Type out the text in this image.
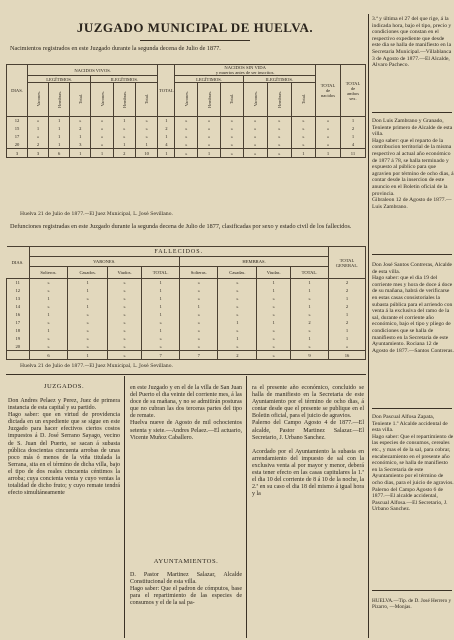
JUZGADO MUNICIPAL DE HUELVA.
Nacimientos registrados en este Juzgado durante la segunda decena de Julio de 1877.
DIAS.	NACIDOS VIVOS.						TOTAL	NACIDOS SIN VIDA
y muertos antes de ser inscritos.						TOTAL
de
nacidos	TOTAL
de
ambos
sex.
	LEGÍTIMOS.			ILEGÍTIMOS.				LEGÍTIMOS.			ILEGÍTIMOS.				
	Varones.	Hembras.	Total.	Varones.	Hembras.	Total.		Varones.	Hembras.	Total.	Varones.	Hembras.	Total.		
12	»	1	»	»	1	»	1	»	»	»	»	»	»	»	1
15	1	1	2	»	»	»	2	»	»	»	»	»	»	»	2
17	»	1	1	»	»	»	1	»	»	»	»	»	»	»	1
20	2	1	3	»	1	1	4	»	»	»	»	»	»	»	4
3	3	6	1	1	2	10	1	»	1	»	»	»	1	1	11
Huelva 21 de Julio de 1877.—El Juez Municipal, L. José Sevillano.
Defunciones registradas en este Juzgado durante la segunda decena de Julio de 1877, clasificadas por sexo y estado civil de los fallecidos.
DIAS.	FALLECIDOS.								TOTAL
GENERAL.
	VARONES.				HEMBRAS.				
	Solteros.	Casados.	Viudos.	TOTAL.	Solteras.	Casadas.	Viudas.	TOTAL.	
11	»	1	»	1	»	»	1	1	2
12	»	1	»	1	»	»	1	1	2
13	1	»	»	1	»	»	»	»	1
14	»	1	»	1	1	»	»	1	2
16	1	»	»	1	»	»	»	»	1
17	»	»	»	»	»	1	1	2	2
18	1	»	»	1	»	»	»	»	1
19	»	»	»	»	»	1	»	1	1
20	»	»	»	»	»	»	»	»	»
	6	1	»	7	7	2	»	9	16
Huelva 21 de Julio de 1877.—El Juez Municipal, L. José Sevillano.
JUZGADOS.
Don Andres Pelaez y Perez, Juez de primera instancia de esta capital y su partido.
Hago saber: que en virtud de providencia dictada en un expediente que se sigue en este Juzgado para hacer efectivos ciertos costos impuestos á D. José Serrano Sayago, vecino de S. Juan del Puerto, se sacan á subasta pública doscientas cincuenta arrobas de unas poco más ó menos de la viña titulada la Serrana, sita en el término de dicha villa, bajo el tipo de dos reales cincuenta céntimos la arroba; cuya concienta venta y cuyo ventas la totalidad de dicho fruto; y cuyo remate tendrá efecto simultáneamente
en este Juzgado y en el de la villa de San Juan del Puerto el dia veinte del corriente mes, á las doce de su mañana, y no se admitirán posturas que no cubran las dos terceras partes del tipo de remate.
Huelva nueve de Agosto de mil ochocientos setenta y siete.—Andres Pelaez.—El actuario, Vicente Muñoz Caballero.
AYUNTAMIENTOS.
D. Pastor Martinez Salazar, Alcalde Constitucional de esta villa.
Hago saber: Que el padron de cómputos, base para el repartimiento de las especies de consumos y el de la sal pa-
ra el presente año económico, concluido se halla de manifiesto en la Secretaria de este Ayuntamiento por el término de ocho dias, á contar desde que el presente se publique en el Boletin oficial, para el juicio de agravios.
Palerno del Campo Agosto 4 de 1877.—El alcalde, Pastor Martinez Salazar.—El Secretario, J. Urbano Sanchez.

Acordado por el Ayuntamiento la subasta en arrendamiento del impuesto de sal con la exclusiva venta al por mayor y menor, deberá esta tener efecto en las casas capitulares la 1.ª el dia 10 del corriente de 8 á 10 de la noche, la 2.ª en su caso el dia 18 del mismo á igual hora y la
3.ª y última el 27 del que rige, á la indicada hora, bajo el tipo, precio y condiciones que constan en el respectivo expediente que desde este dia se halla de manifiesto en la Secretaria Municipal.—Villablanca 3 de Agosto de 1877.—El Alcalde, Alvaro Pacheco.
Don Luis Zambrano y Granado, Teniente primero de Alcalde de esta villa.
Hago saber: que el reparto de la contribucion territorial de la misma respectivo al actual año económico de 1877 á 78, se halla terminado y expuesto al público para que agravien por término de ocho dias, á contar desde la insercion de este anuncio en el Boletin oficial de la provincia.
Gibraleon 12 de Agosto de 1877.—Luis Zambrano.
Don José Santos Contreras, Alcalde de esta villa.
Hago saber: que el dia 19 del corriente mes y hora de doce á doce de su mañana, habrá de verificarse en estas casas consistoriales la subasta pública para el arriendo con venta á la exclusiva del ramo de la sal, durante el corriente año económico, bajo el tipo y pliego de condiciones que se halla de manifiesto en la Secretaria de este Ayuntamiento. Rociana 12 de Agosto de 1877.—Santos Contreras.
Don Pascual Alfosa Zapata, Teniente 1.º Alcalde accidental de esta villa.
Hago saber: Que el repartimiento de las especies de consumos, cereales etc., y mas el de la sal, para cobrar, encabezamiento en el presente año económico, se halla de manifiesto en la Secretaria de este Ayuntamiento por el término de ocho dias, para el juicio de agravios.
Palerno del Campo Agosto 6 de 1877.—El alcalde accidental, Pascual Alfosa.—El Secretario, J. Urbano Sanchez.
HUELVA.—Tip. de D. José Herrero y Pizarro, —Monjas.
